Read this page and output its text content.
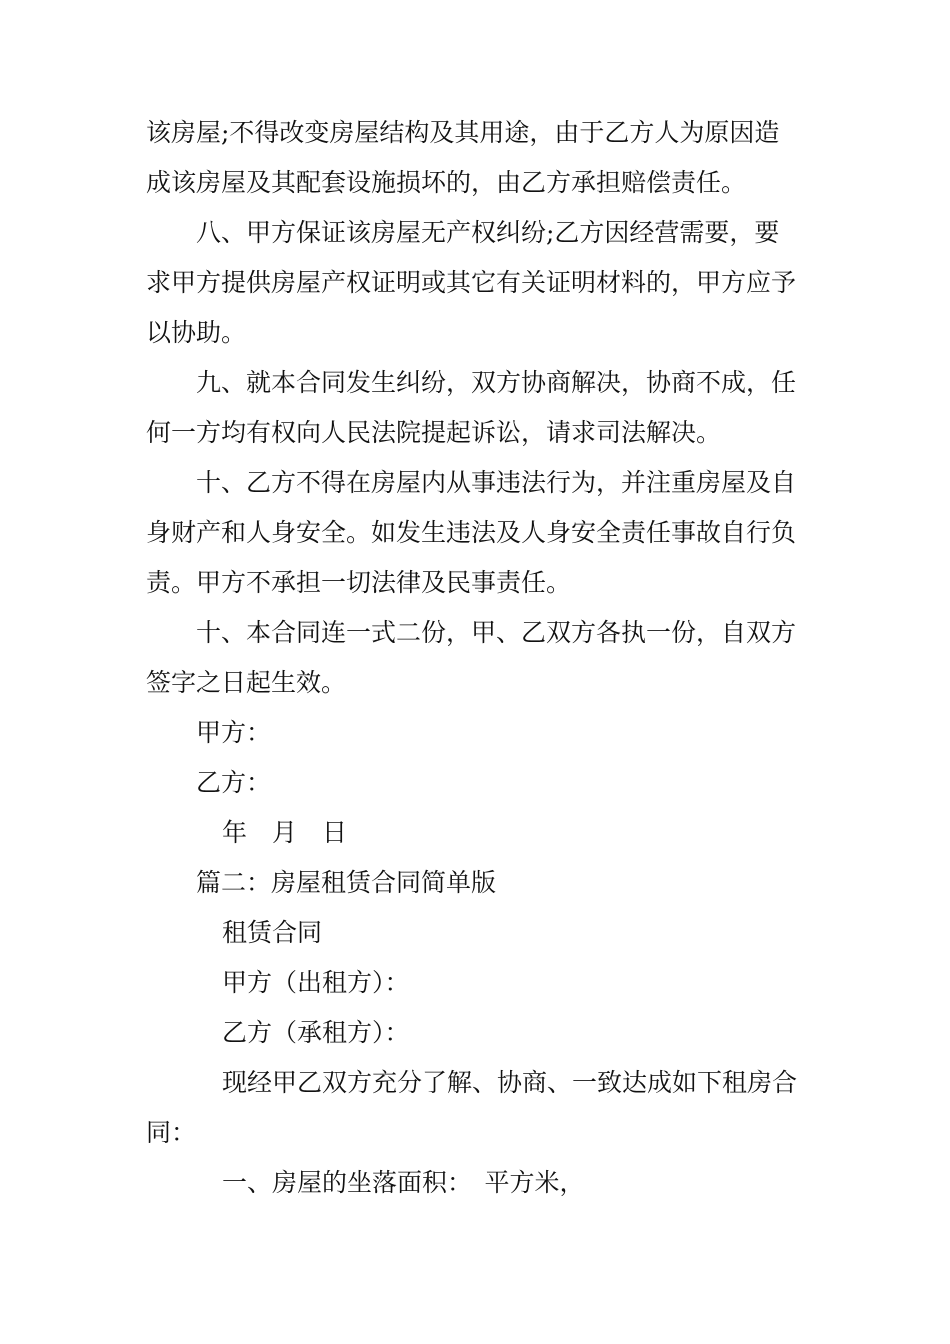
该房屋;不得改变房屋结构及其用途，由于乙方人为原因造
成该房屋及其配套设施损坏的，由乙方承担赔偿责任。
八、甲方保证该房屋无产权纠纷;乙方因经营需要，要
求甲方提供房屋产权证明或其它有关证明材料的，甲方应予
以协助。
九、就本合同发生纠纷，双方协商解决，协商不成，任
何一方均有权向人民法院提起诉讼，请求司法解决。
十、乙方不得在房屋内从事违法行为，并注重房屋及自
身财产和人身安全。如发生违法及人身安全责任事故自行负
责。甲方不承担一切法律及民事责任。
十、本合同连一式二份，甲、乙双方各执一份，自双方
签字之日起生效。
甲方：
乙方：
年　月　日
篇二：房屋租赁合同简单版
租赁合同
甲方（出租方）：
乙方（承租方）：
现经甲乙双方充分了解、协商、一致达成如下租房合
同：
一、房屋的坐落面积：　平方米，
